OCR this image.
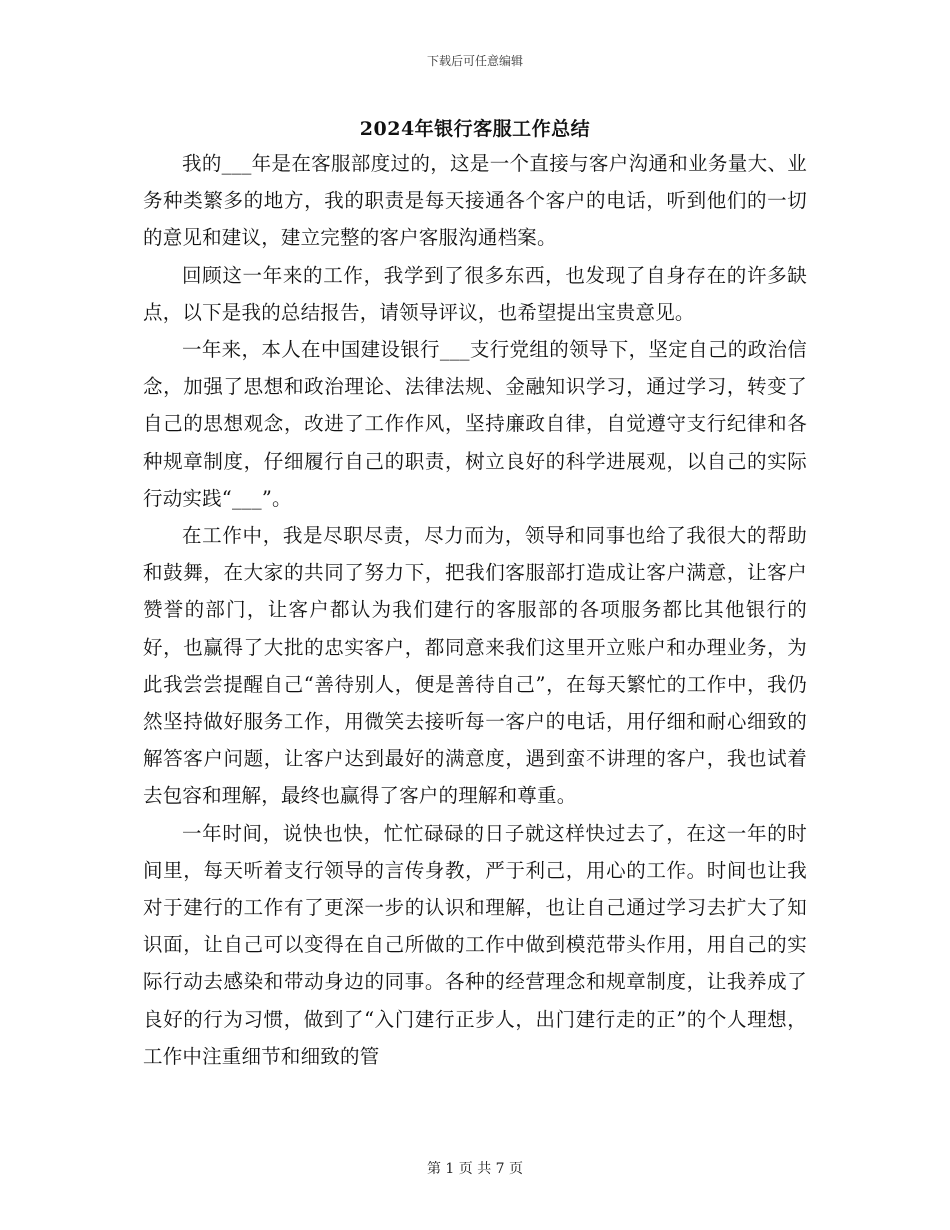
下载后可任意编辑
2024年银行客服工作总结

我的___年是在客服部度过的，这是一个直接与客户沟通和业务量大、业务种类繁多的地方，我的职责是每天接通各个客户的电话，听到他们的一切的意见和建议，建立完整的客户客服沟通档案。

回顾这一年来的工作，我学到了很多东西，也发现了自身存在的许多缺点，以下是我的总结报告，请领导评议，也希望提出宝贵意见。

一年来，本人在中国建设银行___支行党组的领导下，坚定自己的政治信念，加强了思想和政治理论、法律法规、金融知识学习，通过学习，转变了自己的思想观念，改进了工作作风，坚持廉政自律，自觉遵守支行纪律和各种规章制度，仔细履行自己的职责，树立良好的科学进展观，以自己的实际行动实践“___”。

在工作中，我是尽职尽责，尽力而为，领导和同事也给了我很大的帮助和鼓舞，在大家的共同了努力下，把我们客服部打造成让客户满意，让客户赞誉的部门，让客户都认为我们建行的客服部的各项服务都比其他银行的好，也赢得了大批的忠实客户，都同意来我们这里开立账户和办理业务，为此我尝尝提醒自己“善待别人，便是善待自己”，在每天繁忙的工作中，我仍然坚持做好服务工作，用微笑去接听每一客户的电话，用仔细和耐心细致的解答客户问题，让客户达到最好的满意度，遇到蛮不讲理的客户，我也试着去包容和理解，最终也赢得了客户的理解和尊重。

一年时间，说快也快，忙忙碌碌的日子就这样快过去了，在这一年的时间里，每天听着支行领导的言传身教，严于利己，用心的工作。时间也让我对于建行的工作有了更深一步的认识和理解，也让自己通过学习去扩大了知识面，让自己可以变得在自己所做的工作中做到模范带头作用，用自己的实际行动去感染和带动身边的同事。各种的经营理念和规章制度，让我养成了良好的行为习惯，做到了“入门建行正步人，出门建行走的正”的个人理想，工作中注重细节和细致的管

第 1 页 共 7 页
